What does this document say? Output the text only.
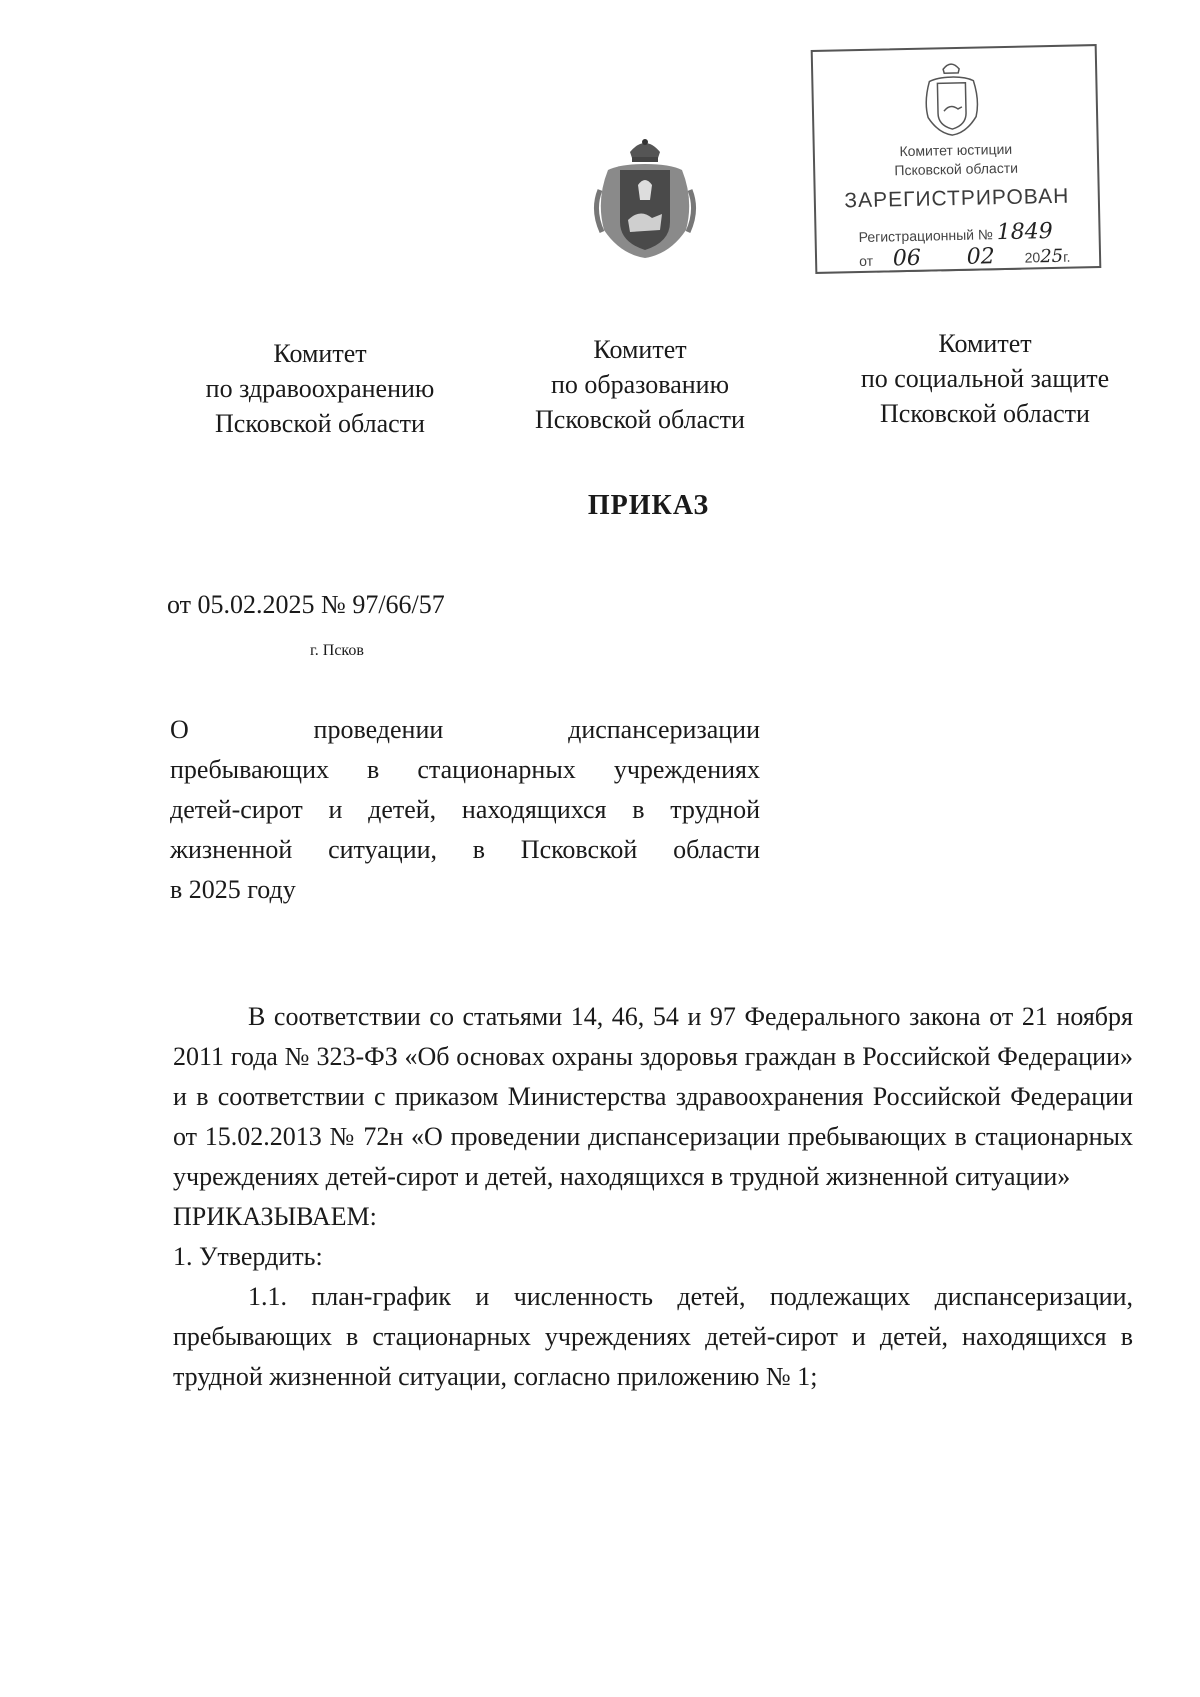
Комитет юстиции
Псковской области
ЗАРЕГИСТРИРОВАН
Регистрационный № 1849
от 06 02 2025г.
Комитет
по здравоохранению
Псковской области
Комитет
по образованию
Псковской области
Комитет
по социальной защите
Псковской области
ПРИКАЗ
от 05.02.2025 № 97/66/57
г. Псков
О проведении диспансеризации
пребывающих в стационарных учреждениях
детей-сирот и детей, находящихся в трудной
жизненной ситуации, в Псковской области
в 2025 году

В соответствии со статьями 14, 46, 54 и 97 Федерального закона от 21 ноября 2011 года № 323-ФЗ «Об основах охраны здоровья граждан в Российской Федерации» и в соответствии с приказом Министерства здравоохранения Российской Федерации от 15.02.2013 № 72н «О проведении диспансеризации пребывающих в стационарных учреждениях детей-сирот и детей, находящихся в трудной жизненной ситуации»

ПРИКАЗЫВАЕМ:

1. Утвердить:

1.1. план-график и численность детей, подлежащих диспансеризации, пребывающих в стационарных учреждениях детей-сирот и детей, находящихся в трудной жизненной ситуации, согласно приложению № 1;
